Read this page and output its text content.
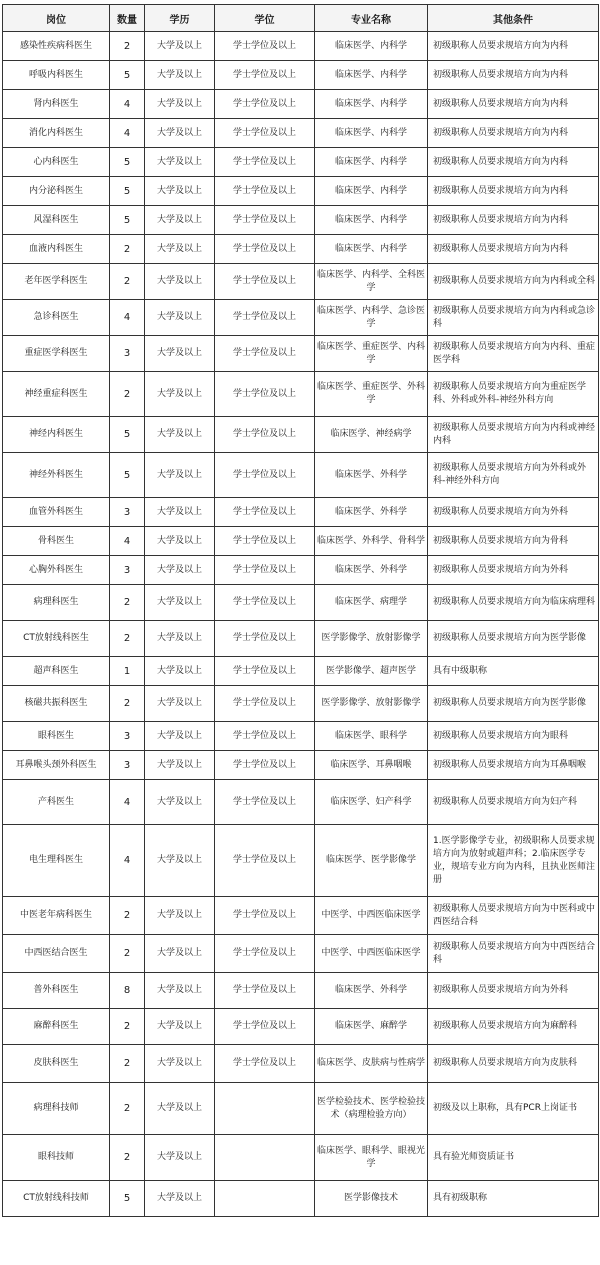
岗位	数量	学历	学位	专业名称	其他条件
感染性疾病科医生	2	大学及以上	学士学位及以上	临床医学、内科学	初级职称人员要求规培方向为内科
呼吸内科医生	5	大学及以上	学士学位及以上	临床医学、内科学	初级职称人员要求规培方向为内科
肾内科医生	4	大学及以上	学士学位及以上	临床医学、内科学	初级职称人员要求规培方向为内科
消化内科医生	4	大学及以上	学士学位及以上	临床医学、内科学	初级职称人员要求规培方向为内科
心内科医生	5	大学及以上	学士学位及以上	临床医学、内科学	初级职称人员要求规培方向为内科
内分泌科医生	5	大学及以上	学士学位及以上	临床医学、内科学	初级职称人员要求规培方向为内科
风湿科医生	5	大学及以上	学士学位及以上	临床医学、内科学	初级职称人员要求规培方向为内科
血液内科医生	2	大学及以上	学士学位及以上	临床医学、内科学	初级职称人员要求规培方向为内科
老年医学科医生	2	大学及以上	学士学位及以上	临床医学、内科学、全科医学	初级职称人员要求规培方向为内科或全科
急诊科医生	4	大学及以上	学士学位及以上	临床医学、内科学、急诊医学	初级职称人员要求规培方向为内科或急诊科
重症医学科医生	3	大学及以上	学士学位及以上	临床医学、重症医学、内科学	初级职称人员要求规培方向为内科、重症医学科
神经重症科医生	2	大学及以上	学士学位及以上	临床医学、重症医学、外科学	初级职称人员要求规培方向为重症医学科、外科或外科-神经外科方向
神经内科医生	5	大学及以上	学士学位及以上	临床医学、神经病学	初级职称人员要求规培方向为内科或神经内科
神经外科医生	5	大学及以上	学士学位及以上	临床医学、外科学	初级职称人员要求规培方向为外科或外科-神经外科方向
血管外科医生	3	大学及以上	学士学位及以上	临床医学、外科学	初级职称人员要求规培方向为外科
骨科医生	4	大学及以上	学士学位及以上	临床医学、外科学、骨科学	初级职称人员要求规培方向为骨科
心胸外科医生	3	大学及以上	学士学位及以上	临床医学、外科学	初级职称人员要求规培方向为外科
病理科医生	2	大学及以上	学士学位及以上	临床医学、病理学	初级职称人员要求规培方向为临床病理科
CT放射线科医生	2	大学及以上	学士学位及以上	医学影像学、放射影像学	初级职称人员要求规培方向为医学影像
超声科医生	1	大学及以上	学士学位及以上	医学影像学、超声医学	具有中级职称
核磁共振科医生	2	大学及以上	学士学位及以上	医学影像学、放射影像学	初级职称人员要求规培方向为医学影像
眼科医生	3	大学及以上	学士学位及以上	临床医学、眼科学	初级职称人员要求规培方向为眼科
耳鼻喉头颈外科医生	3	大学及以上	学士学位及以上	临床医学、耳鼻咽喉	初级职称人员要求规培方向为耳鼻咽喉
产科医生	4	大学及以上	学士学位及以上	临床医学、妇产科学	初级职称人员要求规培方向为妇产科
电生理科医生	4	大学及以上	学士学位及以上	临床医学、医学影像学	1.医学影像学专业，初级职称人员要求规培方向为放射或超声科；2.临床医学专业，规培专业方向为内科，且执业医师注册
中医老年病科医生	2	大学及以上	学士学位及以上	中医学、中西医临床医学	初级职称人员要求规培方向为中医科或中西医结合科
中西医结合医生	2	大学及以上	学士学位及以上	中医学、中西医临床医学	初级职称人员要求规培方向为中西医结合科
普外科医生	8	大学及以上	学士学位及以上	临床医学、外科学	初级职称人员要求规培方向为外科
麻醉科医生	2	大学及以上	学士学位及以上	临床医学、麻醉学	初级职称人员要求规培方向为麻醉科
皮肤科医生	2	大学及以上	学士学位及以上	临床医学、皮肤病与性病学	初级职称人员要求规培方向为皮肤科
病理科技师	2	大学及以上		医学检验技术、医学检验技术（病理检验方向）	初级及以上职称，具有PCR上岗证书
眼科技师	2	大学及以上		临床医学、眼科学、眼视光学	具有验光师资质证书
CT放射线科技师	5	大学及以上		医学影像技术	具有初级职称
